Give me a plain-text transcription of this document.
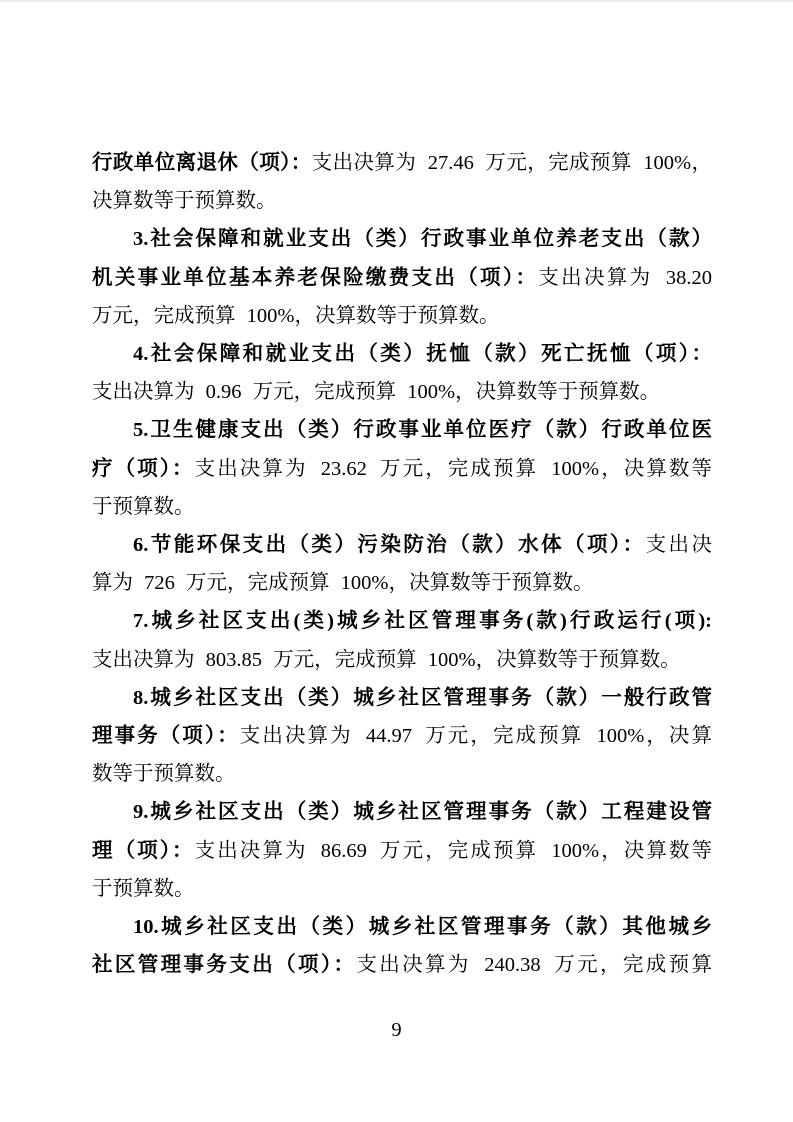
行政单位离退休（项）：支出决算为 27.46 万元，完成预算 100%，
决算数等于预算数。
3.社会保障和就业支出（类）行政事业单位养老支出（款）
机关事业单位基本养老保险缴费支出（项）：支出决算为 38.20
万元，完成预算 100%，决算数等于预算数。
4.社会保障和就业支出（类）抚恤（款）死亡抚恤（项）：
支出决算为 0.96 万元，完成预算 100%，决算数等于预算数。
5.卫生健康支出（类）行政事业单位医疗（款）行政单位医
疗（项）：支出决算为 23.62 万元，完成预算 100%，决算数等
于预算数。
6.节能环保支出（类）污染防治（款）水体（项）：支出决
算为 726 万元，完成预算 100%，决算数等于预算数。
7.城乡社区支出(类)城乡社区管理事务(款)行政运行(项):
支出决算为 803.85 万元，完成预算 100%，决算数等于预算数。
8.城乡社区支出（类）城乡社区管理事务（款）一般行政管
理事务（项）：支出决算为 44.97 万元，完成预算 100%，决算
数等于预算数。
9.城乡社区支出（类）城乡社区管理事务（款）工程建设管
理（项）：支出决算为 86.69 万元，完成预算 100%，决算数等
于预算数。
10.城乡社区支出（类）城乡社区管理事务（款）其他城乡
社区管理事务支出（项）：支出决算为 240.38 万元，完成预算
9
